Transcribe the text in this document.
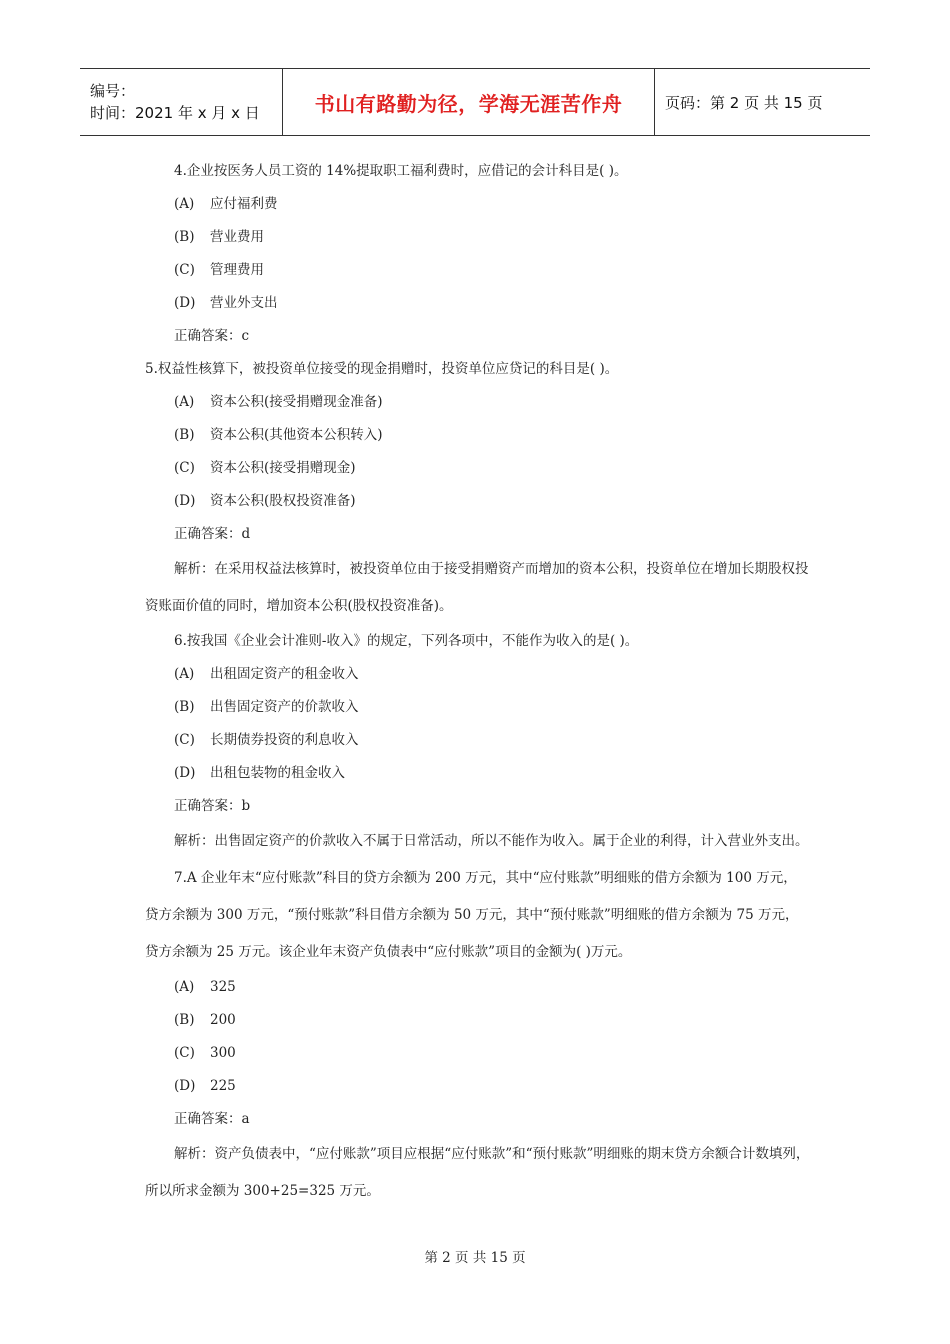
编号：
时间：2021 年 x 月 x 日	书山有路勤为径，学海无涯苦作舟	页码：第 2 页 共 15 页
4.企业按医务人员工资的 14%提取职工福利费时，应借记的会计科目是( )。
(A) 应付福利费
(B) 营业费用
(C) 管理费用
(D) 营业外支出
正确答案：c
5.权益性核算下，被投资单位接受的现金捐赠时，投资单位应贷记的科目是( )。
(A) 资本公积(接受捐赠现金准备)
(B) 资本公积(其他资本公积转入)
(C) 资本公积(接受捐赠现金)
(D) 资本公积(股权投资准备)
正确答案：d
解析：在采用权益法核算时，被投资单位由于接受捐赠资产而增加的资本公积，投资单位在增加长期股权投资账面价值的同时，增加资本公积(股权投资准备)。
6.按我国《企业会计准则-收入》的规定，下列各项中，不能作为收入的是( )。
(A) 出租固定资产的租金收入
(B) 出售固定资产的价款收入
(C) 长期债券投资的利息收入
(D) 出租包装物的租金收入
正确答案：b
解析：出售固定资产的价款收入不属于日常活动，所以不能作为收入。属于企业的利得，计入营业外支出。
7.A 企业年末“应付账款”科目的贷方余额为 200 万元，其中“应付账款”明细账的借方余额为 100 万元，贷方余额为 300 万元，“预付账款”科目借方余额为 50 万元，其中“预付账款”明细账的借方余额为 75 万元，贷方余额为 25 万元。该企业年末资产负债表中“应付账款”项目的金额为( )万元。
(A) 325
(B) 200
(C) 300
(D) 225
正确答案：a
解析：资产负债表中，“应付账款”项目应根据“应付账款”和“预付账款”明细账的期末贷方余额合计数填列，所以所求金额为 300+25=325 万元。
第 2 页 共 15 页
